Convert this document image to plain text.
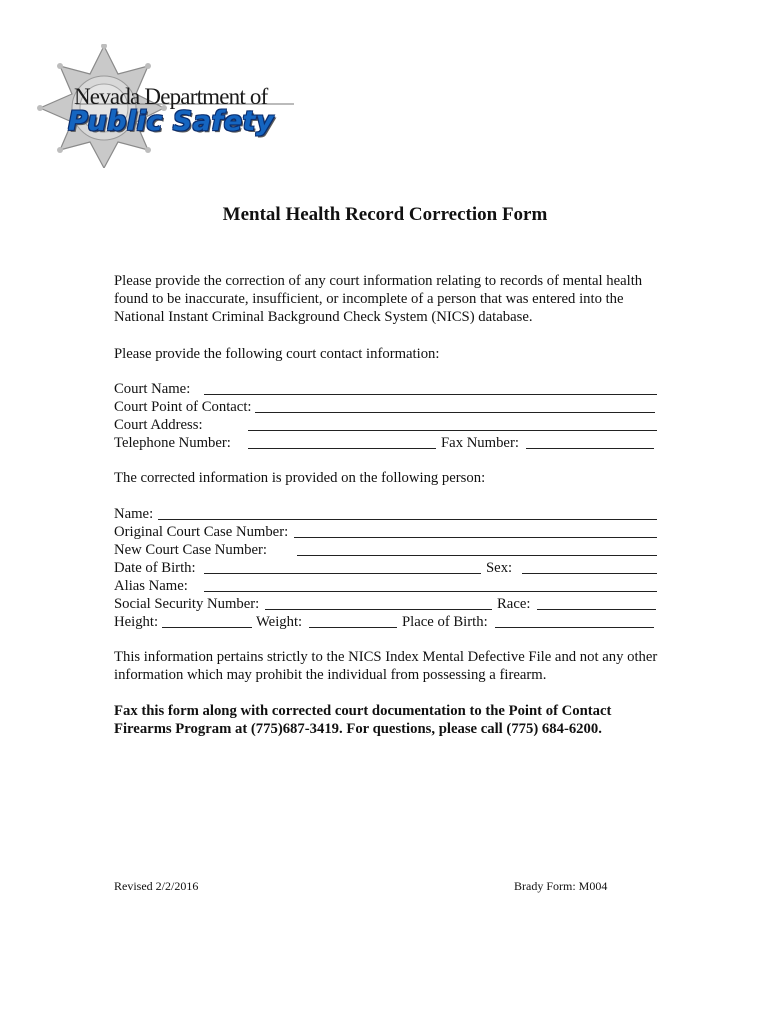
Nevada Department of
Public Safety
Mental Health Record Correction Form
Please provide the correction of any court information relating to records of mental health found to be inaccurate, insufficient, or incomplete of a person that was entered into the National Instant Criminal Background Check System (NICS) database.
Please provide the following court contact information:
Court Name:
Court Point of Contact:
Court Address:
Telephone Number:	Fax Number:
The corrected information is provided on the following person:
Name:
Original Court Case Number:
New Court Case Number:
Date of Birth:	Sex:
Alias Name:
Social Security Number:	Race:
Height:	Weight:	Place of Birth:
This information pertains strictly to the NICS Index Mental Defective File and not any other information which may prohibit the individual from possessing a firearm.
Fax this form along with corrected court documentation to the Point of Contact Firearms Program at (775)687-3419. For questions, please call (775) 684-6200.
Revised 2/2/2016	Brady Form: M004
